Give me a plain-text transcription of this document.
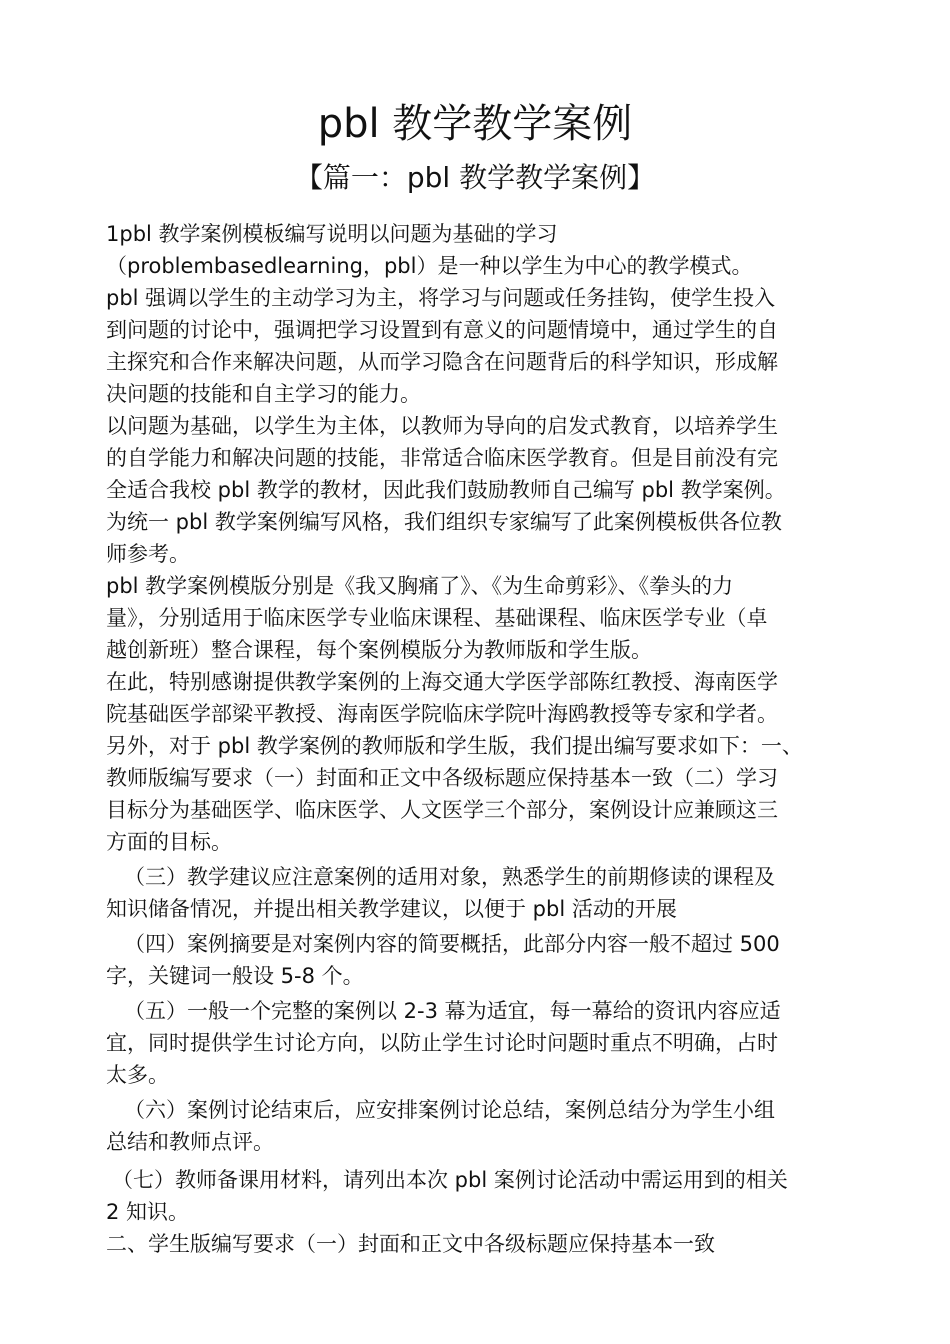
pbl 教学教学案例
【篇一：pbl 教学教学案例】
1pbl 教学案例模板编写说明以问题为基础的学习
（problembasedlearning，pbl）是一种以学生为中心的教学模式。
pbl 强调以学生的主动学习为主，将学习与问题或任务挂钩，使学生投入
到问题的讨论中，强调把学习设置到有意义的问题情境中，通过学生的自
主探究和合作来解决问题，从而学习隐含在问题背后的科学知识，形成解
决问题的技能和自主学习的能力。
以问题为基础，以学生为主体，以教师为导向的启发式教育，以培养学生
的自学能力和解决问题的技能，非常适合临床医学教育。但是目前没有完
全适合我校 pbl 教学的教材，因此我们鼓励教师自己编写 pbl 教学案例。
为统一 pbl 教学案例编写风格，我们组织专家编写了此案例模板供各位教
师参考。
pbl 教学案例模版分别是《我又胸痛了》、《为生命剪彩》、《拳头的力
量》，分别适用于临床医学专业临床课程、基础课程、临床医学专业（卓
越创新班）整合课程，每个案例模版分为教师版和学生版。
在此，特别感谢提供教学案例的上海交通大学医学部陈红教授、海南医学
院基础医学部梁平教授、海南医学院临床学院叶海鸥教授等专家和学者。
另外，对于 pbl 教学案例的教师版和学生版，我们提出编写要求如下：一、
教师版编写要求（一）封面和正文中各级标题应保持基本一致（二）学习
目标分为基础医学、临床医学、人文医学三个部分，案例设计应兼顾这三
方面的目标。
（三）教学建议应注意案例的适用对象，熟悉学生的前期修读的课程及
知识储备情况，并提出相关教学建议，以便于 pbl 活动的开展
（四）案例摘要是对案例内容的简要概括，此部分内容一般不超过 500
字，关键词一般设 5-8 个。
（五）一般一个完整的案例以 2-3 幕为适宜，每一幕给的资讯内容应适
宜，同时提供学生讨论方向，以防止学生讨论时问题时重点不明确，占时
太多。
（六）案例讨论结束后，应安排案例讨论总结，案例总结分为学生小组
总结和教师点评。
（七）教师备课用材料，请列出本次 pbl 案例讨论活动中需运用到的相关
2 知识。
二、学生版编写要求（一）封面和正文中各级标题应保持基本一致
